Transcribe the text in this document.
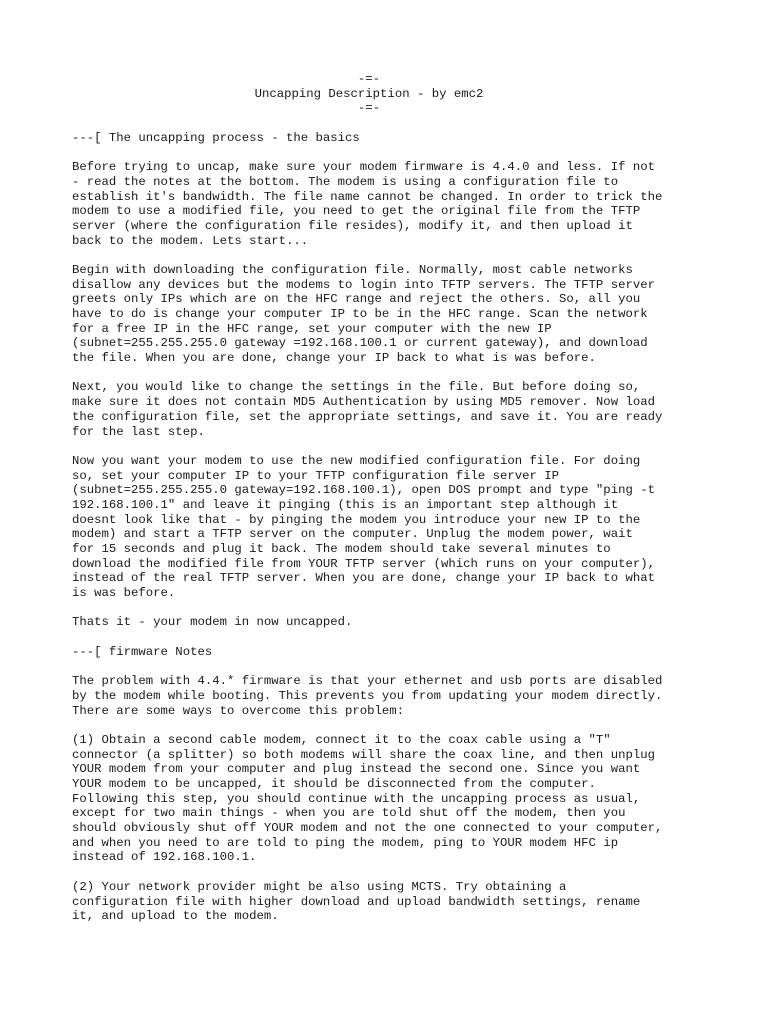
-=-
Uncapping Description - by emc2
-=-
---[ The uncapping process - the basics
Before trying to uncap, make sure your modem firmware is 4.4.0 and less. If not
- read the notes at the bottom. The modem is using a configuration file to
establish it's bandwidth. The file name cannot be changed. In order to trick the
modem to use a modified file, you need to get the original file from the TFTP
server (where the configuration file resides), modify it, and then upload it
back to the modem. Lets start...
Begin with downloading the configuration file. Normally, most cable networks
disallow any devices but the modems to login into TFTP servers. The TFTP server
greets only IPs which are on the HFC range and reject the others. So, all you
have to do is change your computer IP to be in the HFC range. Scan the network
for a free IP in the HFC range, set your computer with the new IP
(subnet=255.255.255.0 gateway =192.168.100.1 or current gateway), and download
the file. When you are done, change your IP back to what is was before.
Next, you would like to change the settings in the file. But before doing so,
make sure it does not contain MD5 Authentication by using MD5 remover. Now load
the configuration file, set the appropriate settings, and save it. You are ready
for the last step.
Now you want your modem to use the new modified configuration file. For doing
so, set your computer IP to your TFTP configuration file server IP
(subnet=255.255.255.0 gateway=192.168.100.1), open DOS prompt and type "ping -t
192.168.100.1" and leave it pinging (this is an important step although it
doesnt look like that - by pinging the modem you introduce your new IP to the
modem) and start a TFTP server on the computer. Unplug the modem power, wait
for 15 seconds and plug it back. The modem should take several minutes to
download the modified file from YOUR TFTP server (which runs on your computer),
instead of the real TFTP server. When you are done, change your IP back to what
is was before.
Thats it - your modem in now uncapped.
---[ firmware Notes
The problem with 4.4.* firmware is that your ethernet and usb ports are disabled
by the modem while booting. This prevents you from updating your modem directly.
There are some ways to overcome this problem:
(1) Obtain a second cable modem, connect it to the coax cable using a "T"
connector (a splitter) so both modems will share the coax line, and then unplug
YOUR modem from your computer and plug instead the second one. Since you want
YOUR modem to be uncapped, it should be disconnected from the computer.
Following this step, you should continue with the uncapping process as usual,
except for two main things - when you are told shut off the modem, then you
should obviously shut off YOUR modem and not the one connected to your computer,
and when you need to are told to ping the modem, ping to YOUR modem HFC ip
instead of 192.168.100.1.
(2) Your network provider might be also using MCTS. Try obtaining a
configuration file with higher download and upload bandwidth settings, rename
it, and upload to the modem.
